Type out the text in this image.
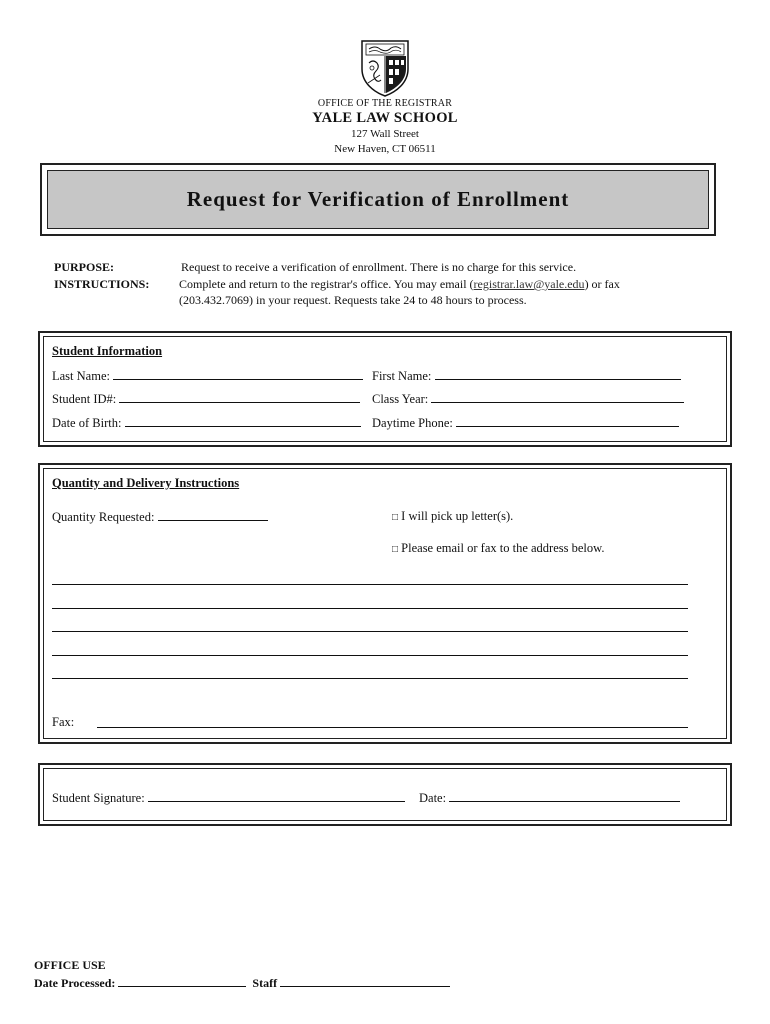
OFFICE OF THE REGISTRAR
YALE LAW SCHOOL
127 Wall Street
New Haven, CT 06511
Request for Verification of Enrollment
PURPOSE:	Request to receive a verification of enrollment. There is no charge for this service.
INSTRUCTIONS: Complete and return to the registrar's office. You may email (registrar.law@yale.edu) or fax
(203.432.7069) in your request. Requests take 24 to 48 hours to process.
Student Information
Last Name:	First Name:
Student ID#:	Class Year:
Date of Birth:	Daytime Phone:
Quantity and Delivery Instructions
Quantity Requested:	□ I will pick up letter(s).
□ Please email or fax to the address below.
Fax:
Student Signature:	Date:
OFFICE USE
Date Processed:	Staff
